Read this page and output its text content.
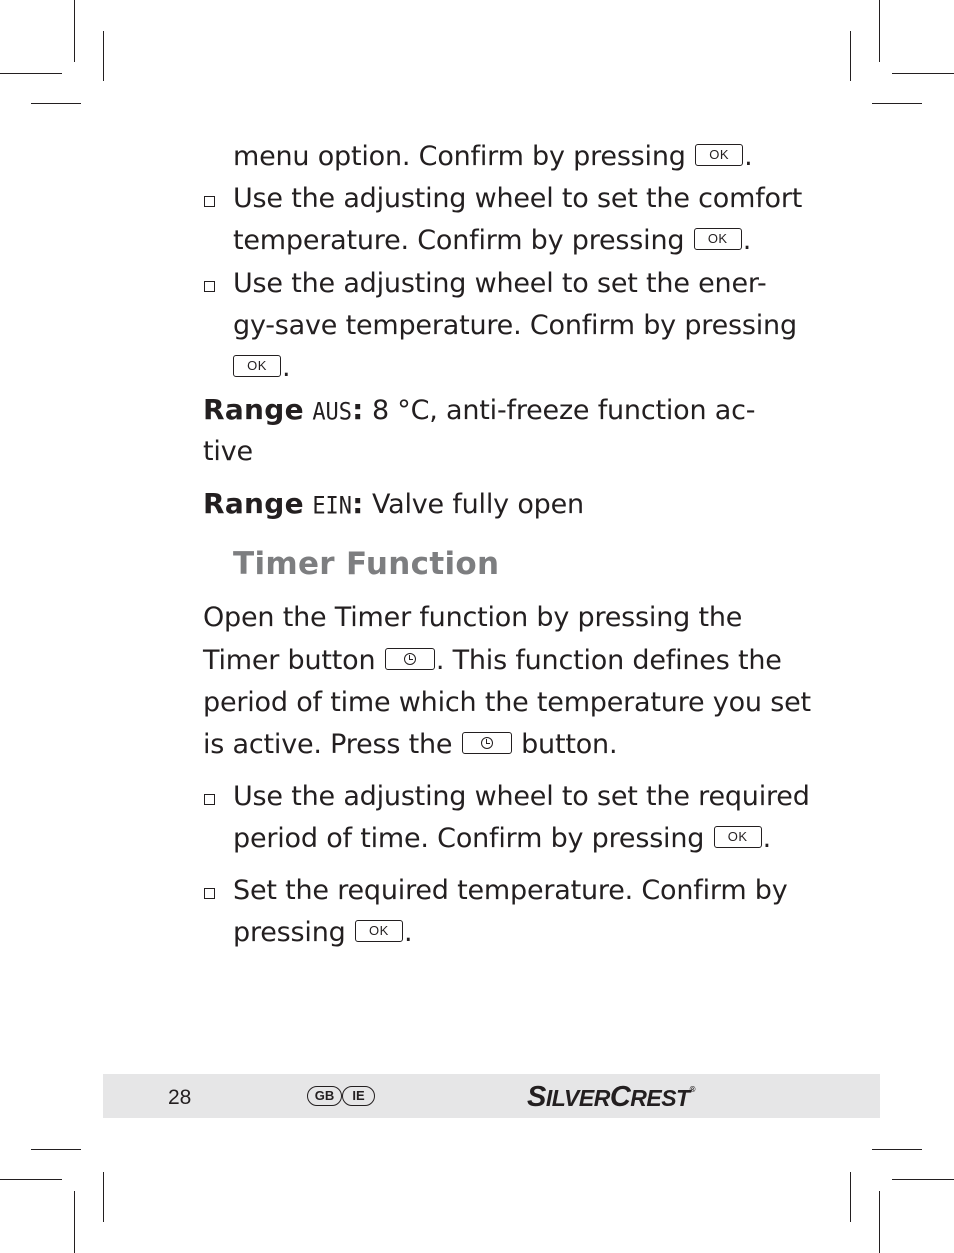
menu option. Confirm by pressing OK .
Use the adjusting wheel to set the comfort
temperature. Confirm by pressing OK .
Use the adjusting wheel to set the ener-
gy-save temperature. Confirm by pressing
OK .
Range AUS: 8 °C, anti-freeze function ac-
tive
Range EIN: Valve fully open
Timer Function
Open the Timer function by pressing the
Timer button . This function defines the
period of time which the temperature you set
is active. Press the  button.
Use the adjusting wheel to set the required
period of time. Confirm by pressing OK .
Set the required temperature. Confirm by
pressing OK .
28	GB	IE	SILVERCREST®
